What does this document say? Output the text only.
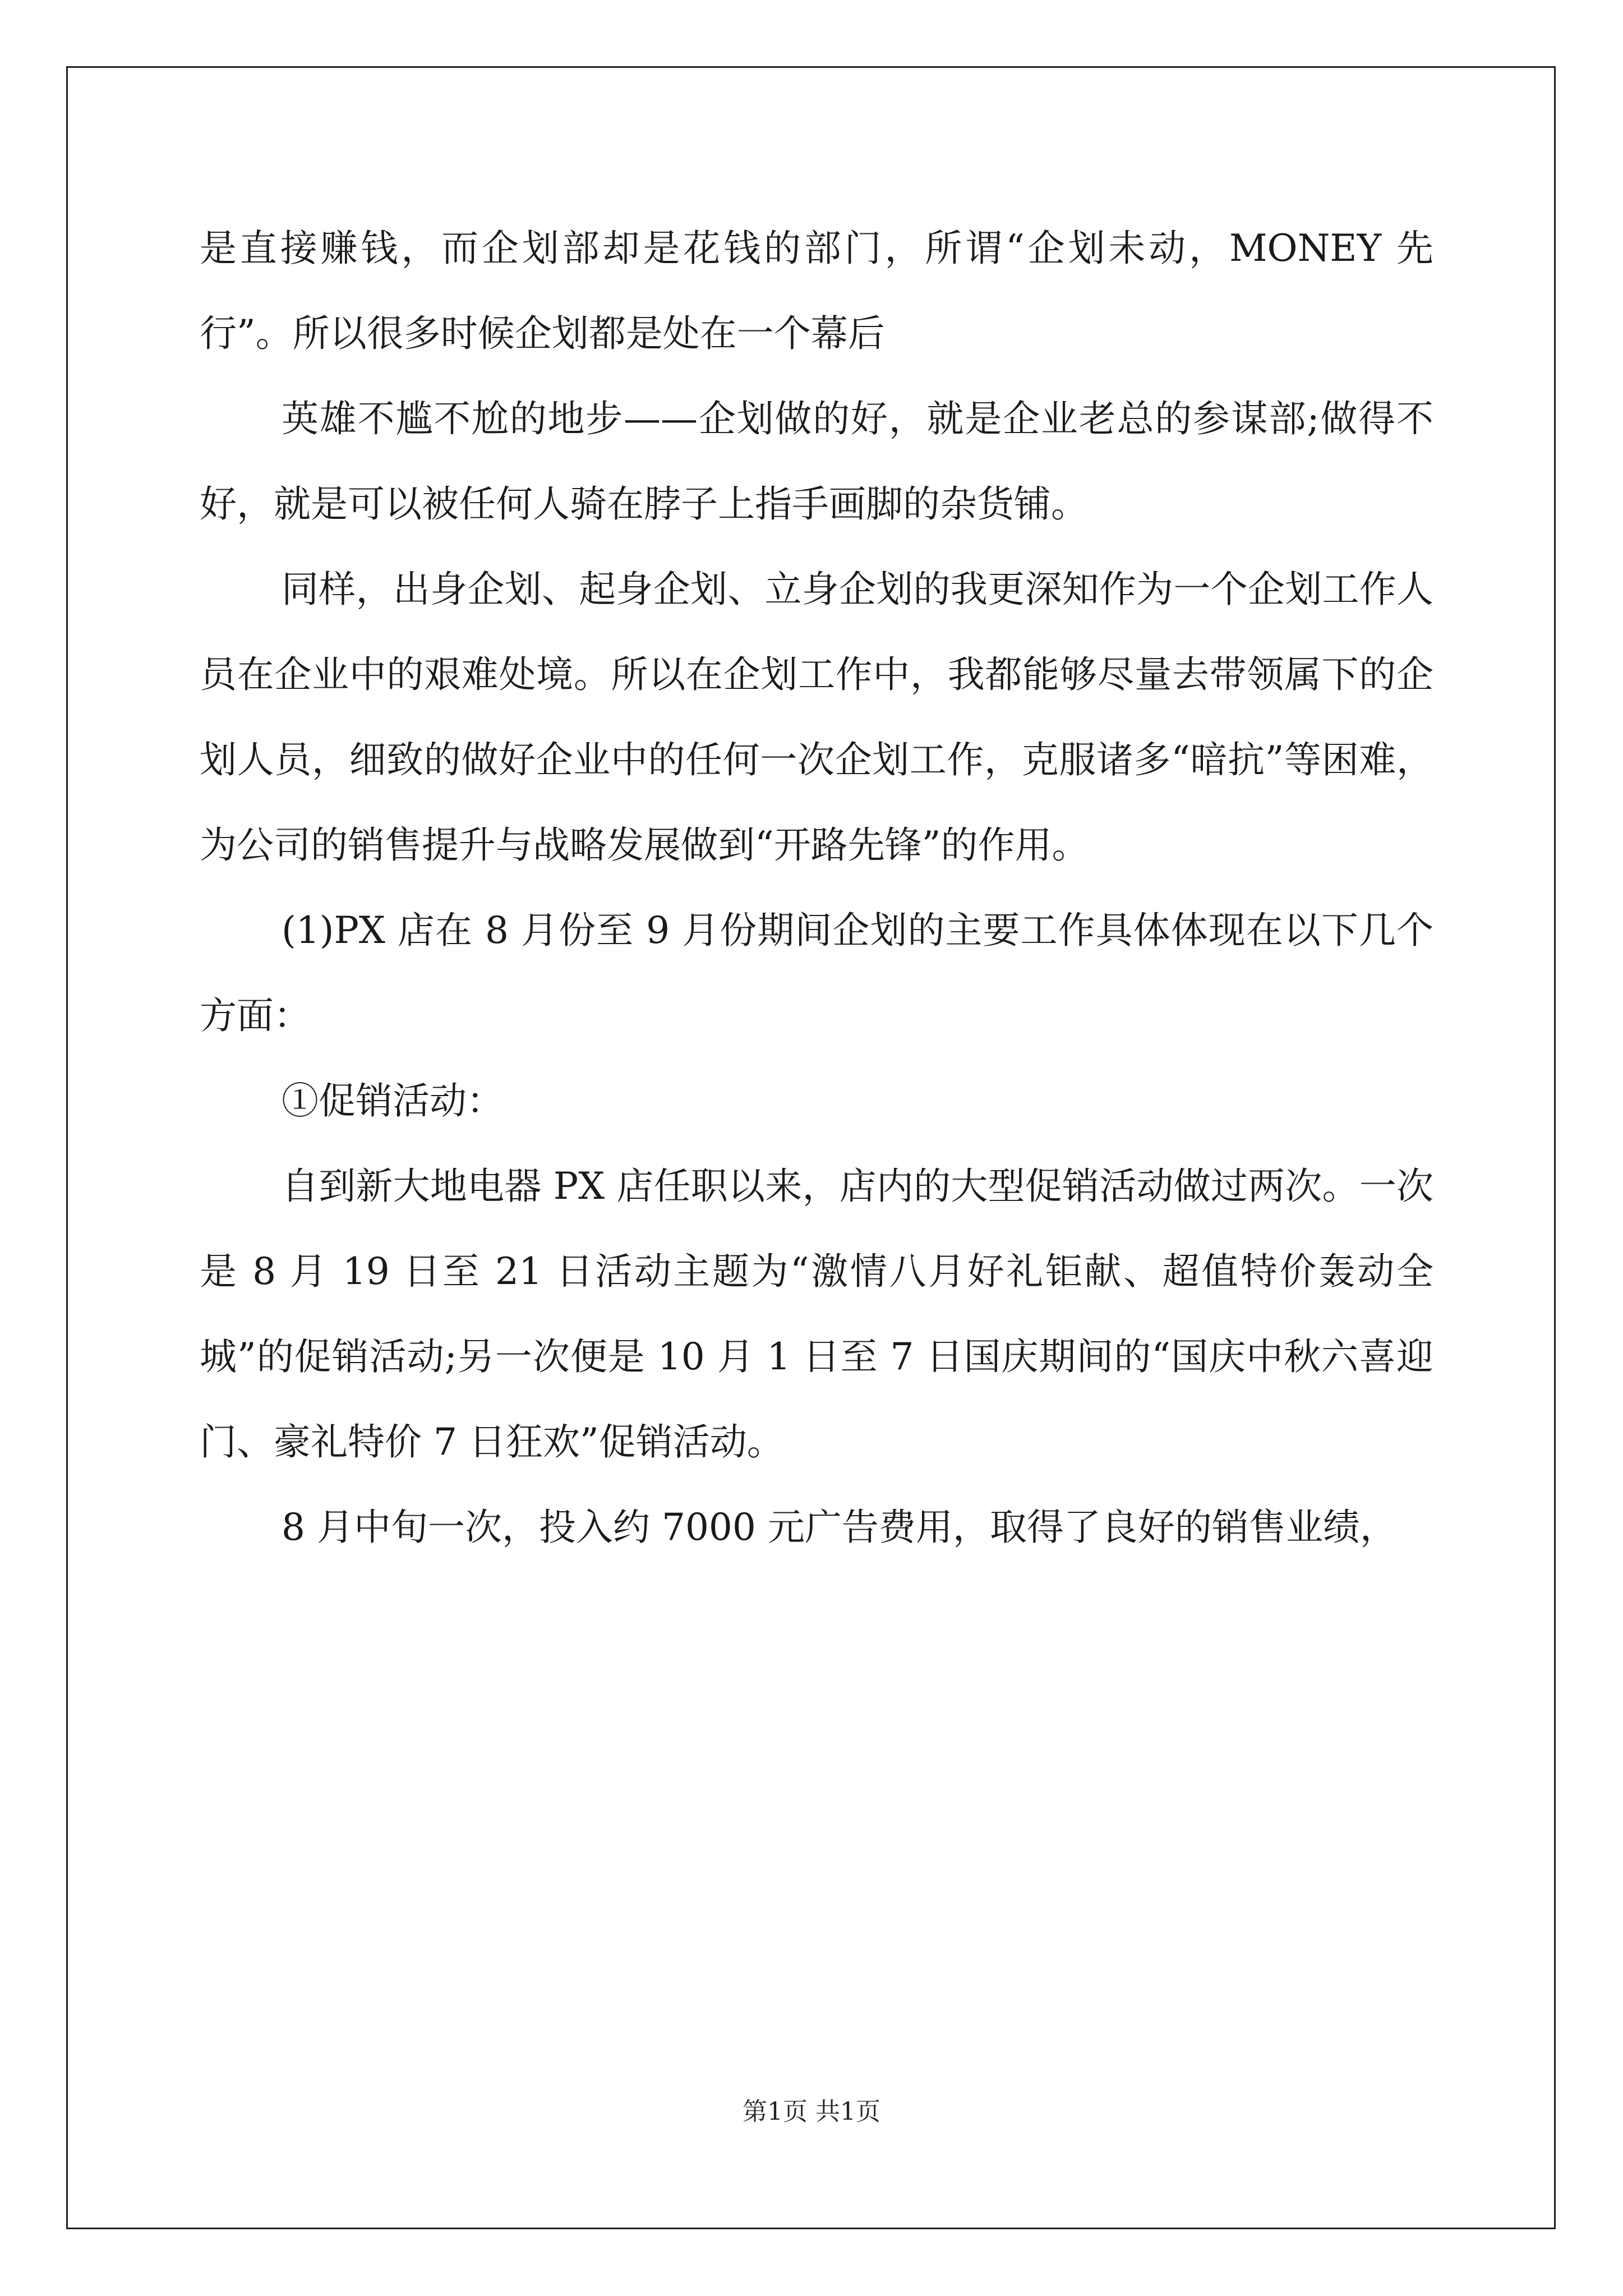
是直接赚钱，而企划部却是花钱的部门，所谓“企划未动，MONEY 先行”。所以很多时候企划都是处在一个幕后

英雄不尴不尬的地步——企划做的好，就是企业老总的参谋部;做得不好，就是可以被任何人骑在脖子上指手画脚的杂货铺。

同样，出身企划、起身企划、立身企划的我更深知作为一个企划工作人员在企业中的艰难处境。所以在企划工作中，我都能够尽量去带领属下的企划人员，细致的做好企业中的任何一次企划工作，克服诸多“暗抗”等困难，为公司的销售提升与战略发展做到“开路先锋”的作用。

(1)PX 店在 8 月份至 9 月份期间企划的主要工作具体体现在以下几个方面：

①促销活动：

自到新大地电器 PX 店任职以来，店内的大型促销活动做过两次。一次是 8 月 19 日至 21 日活动主题为“激情八月好礼钜献、超值特价轰动全城”的促销活动;另一次便是 10 月 1 日至 7 日国庆期间的“国庆中秋六喜迎门、豪礼特价 7 日狂欢”促销活动。

8 月中旬一次，投入约 7000 元广告费用，取得了良好的销售业绩，

第1页 共1页
